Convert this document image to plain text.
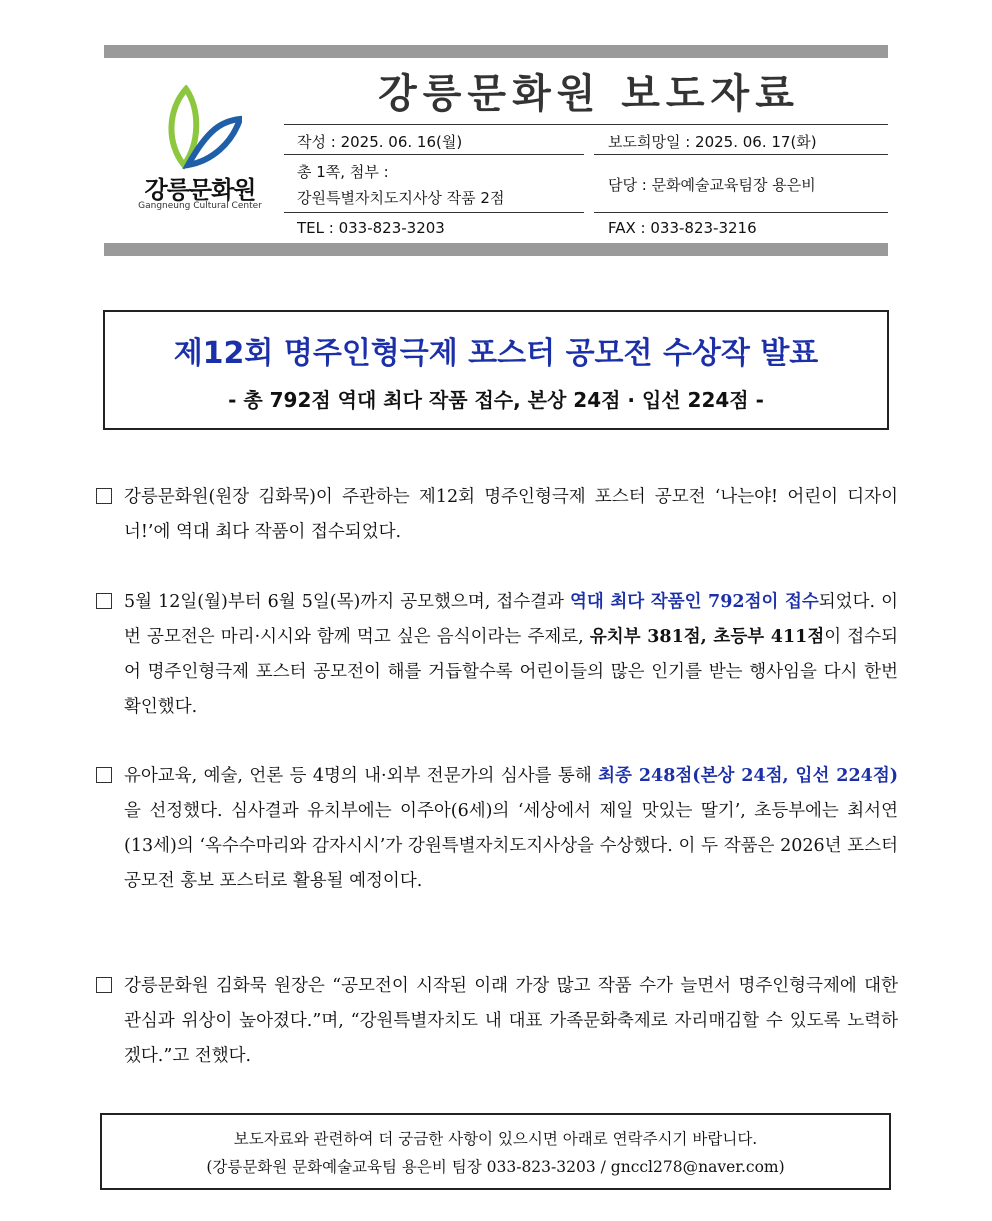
강릉문화원 보도자료
강릉문화원
Gangneung Cultural Center
작성 : 2025. 06. 16(월)	보도희망일 : 2025. 06. 17(화)
총 1쪽, 첨부 :
강원특별자치도지사상 작품 2점
담당 : 문화예술교육팀장 용은비
TEL : 033-823-3203	FAX : 033-823-3216
제12회 명주인형극제 포스터 공모전 수상작 발표
- 총 792점 역대 최다 작품 접수, 본상 24점 · 입선 224점 -
강릉문화원(원장 김화묵)이 주관하는 제12회 명주인형극제 포스터 공모전 ‘나는야! 어린이 디자이너!’에 역대 최다 작품이 접수되었다.
5월 12일(월)부터 6월 5일(목)까지 공모했으며, 접수결과 역대 최다 작품인 792점이 접수되었다. 이번 공모전은 마리·시시와 함께 먹고 싶은 음식이라는 주제로, 유치부 381점, 초등부 411점이 접수되어 명주인형극제 포스터 공모전이 해를 거듭할수록 어린이들의 많은 인기를 받는 행사임을 다시 한번 확인했다.
유아교육, 예술, 언론 등 4명의 내·외부 전문가의 심사를 통해 최종 248점(본상 24점, 입선 224점)을 선정했다. 심사결과 유치부에는 이주아(6세)의 ‘세상에서 제일 맛있는 딸기’, 초등부에는 최서연(13세)의 ‘옥수수마리와 감자시시’가 강원특별자치도지사상을 수상했다. 이 두 작품은 2026년 포스터 공모전 홍보 포스터로 활용될 예정이다.
강릉문화원 김화묵 원장은 “공모전이 시작된 이래 가장 많고 작품 수가 늘면서 명주인형극제에 대한 관심과 위상이 높아졌다.”며, “강원특별자치도 내 대표 가족문화축제로 자리매김할 수 있도록 노력하겠다.”고 전했다.
보도자료와 관련하여 더 궁금한 사항이 있으시면 아래로 연락주시기 바랍니다.
(강릉문화원 문화예술교육팀 용은비 팀장 033-823-3203 / gnccl278@naver.com)
